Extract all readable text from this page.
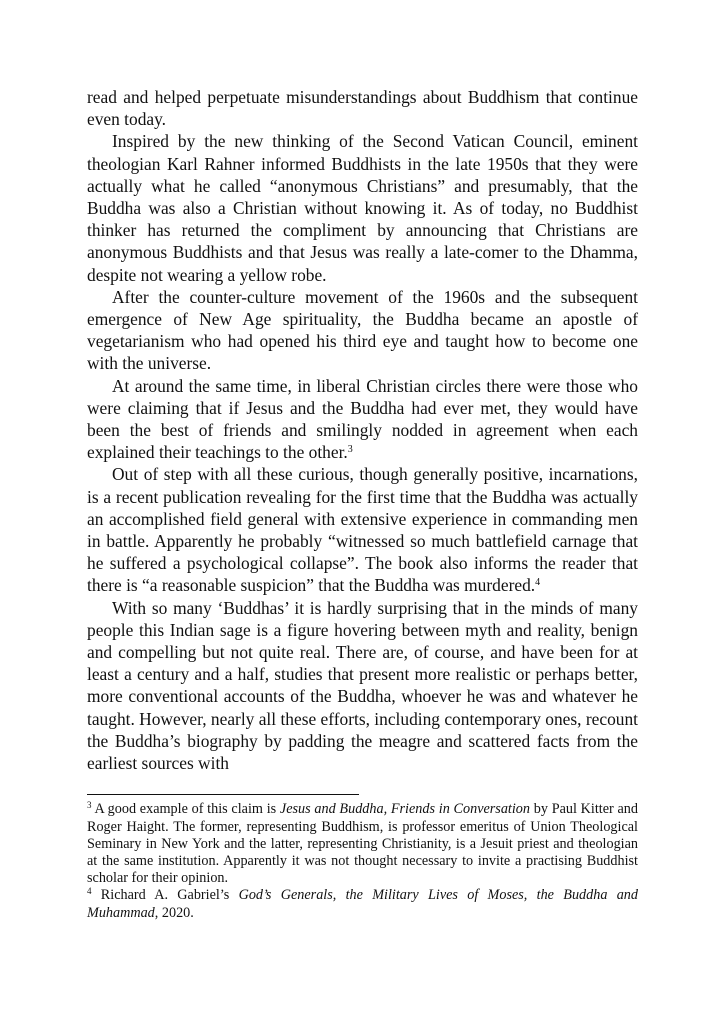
read and helped perpetuate misunderstandings about Buddhism that continue even today.

Inspired by the new thinking of the Second Vatican Council, eminent theologian Karl Rahner informed Buddhists in the late 1950s that they were actually what he called “anonymous Christians” and presumably, that the Buddha was also a Christian without knowing it. As of today, no Buddhist thinker has returned the compliment by announcing that Christians are anonymous Buddhists and that Jesus was really a late-comer to the Dhamma, despite not wearing a yellow robe.

After the counter-culture movement of the 1960s and the subsequent emergence of New Age spirituality, the Buddha became an apostle of vegetarianism who had opened his third eye and taught how to become one with the universe.

At around the same time, in liberal Christian circles there were those who were claiming that if Jesus and the Buddha had ever met, they would have been the best of friends and smilingly nodded in agreement when each explained their teachings to the other.$^3$

Out of step with all these curious, though generally positive, incarnations, is a recent publication revealing for the first time that the Buddha was actually an accomplished field general with extensive experience in commanding men in battle. Apparently he probably “witnessed so much battlefield carnage that he suffered a psychological collapse”. The book also informs the reader that there is “a reasonable suspicion” that the Buddha was murdered.$^4$

With so many ‘Buddhas’ it is hardly surprising that in the minds of many people this Indian sage is a figure hovering between myth and reality, benign and compelling but not quite real. There are, of course, and have been for at least a century and a half, studies that present more realistic or perhaps better, more conventional accounts of the Buddha, whoever he was and whatever he taught. However, nearly all these efforts, including contemporary ones, recount the Buddha’s biography by padding the meagre and scattered facts from the earliest sources with

$^3$ A good example of this claim is Jesus and Buddha, Friends in Conversation by Paul Kitter and Roger Haight. The former, representing Buddhism, is professor emeritus of Union Theological Seminary in New York and the latter, representing Christianity, is a Jesuit priest and theologian at the same institution. Apparently it was not thought necessary to invite a practising Buddhist scholar for their opinion.

$^4$ Richard A. Gabriel’s God’s Generals, the Military Lives of Moses, the Buddha and Muhammad, 2020.
